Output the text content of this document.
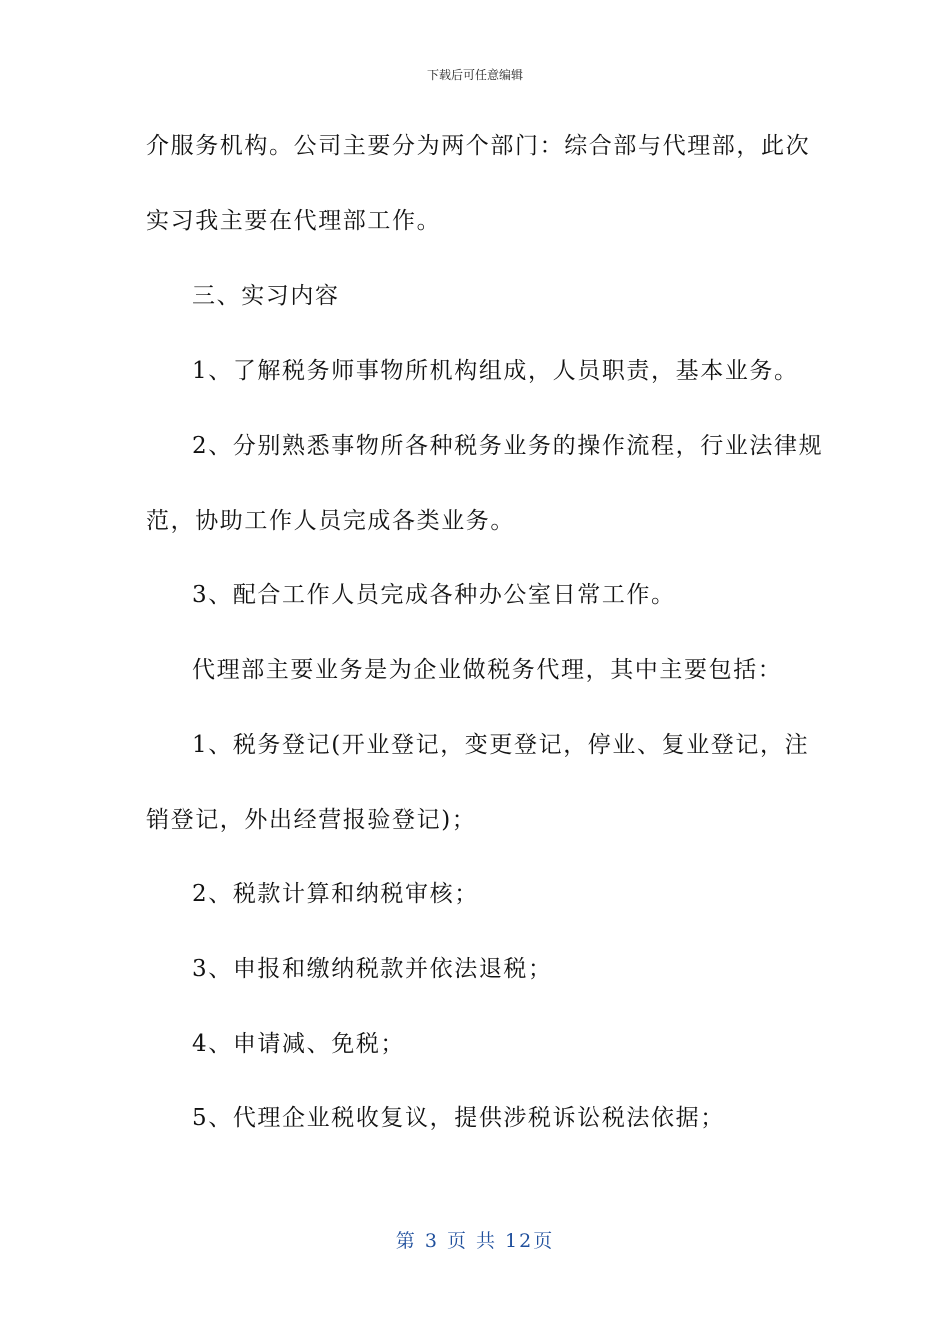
下载后可任意编辑
介服务机构。公司主要分为两个部门：综合部与代理部，此次
实习我主要在代理部工作。
三、实习内容
1、了解税务师事物所机构组成，人员职责，基本业务。
2、分别熟悉事物所各种税务业务的操作流程，行业法律规
范，协助工作人员完成各类业务。
3、配合工作人员完成各种办公室日常工作。
代理部主要业务是为企业做税务代理，其中主要包括：
1、税务登记(开业登记，变更登记，停业、复业登记，注
销登记，外出经营报验登记)；
2、税款计算和纳税审核；
3、申报和缴纳税款并依法退税；
4、申请减、免税；
5、代理企业税收复议，提供涉税诉讼税法依据；
第 3 页 共 12页
